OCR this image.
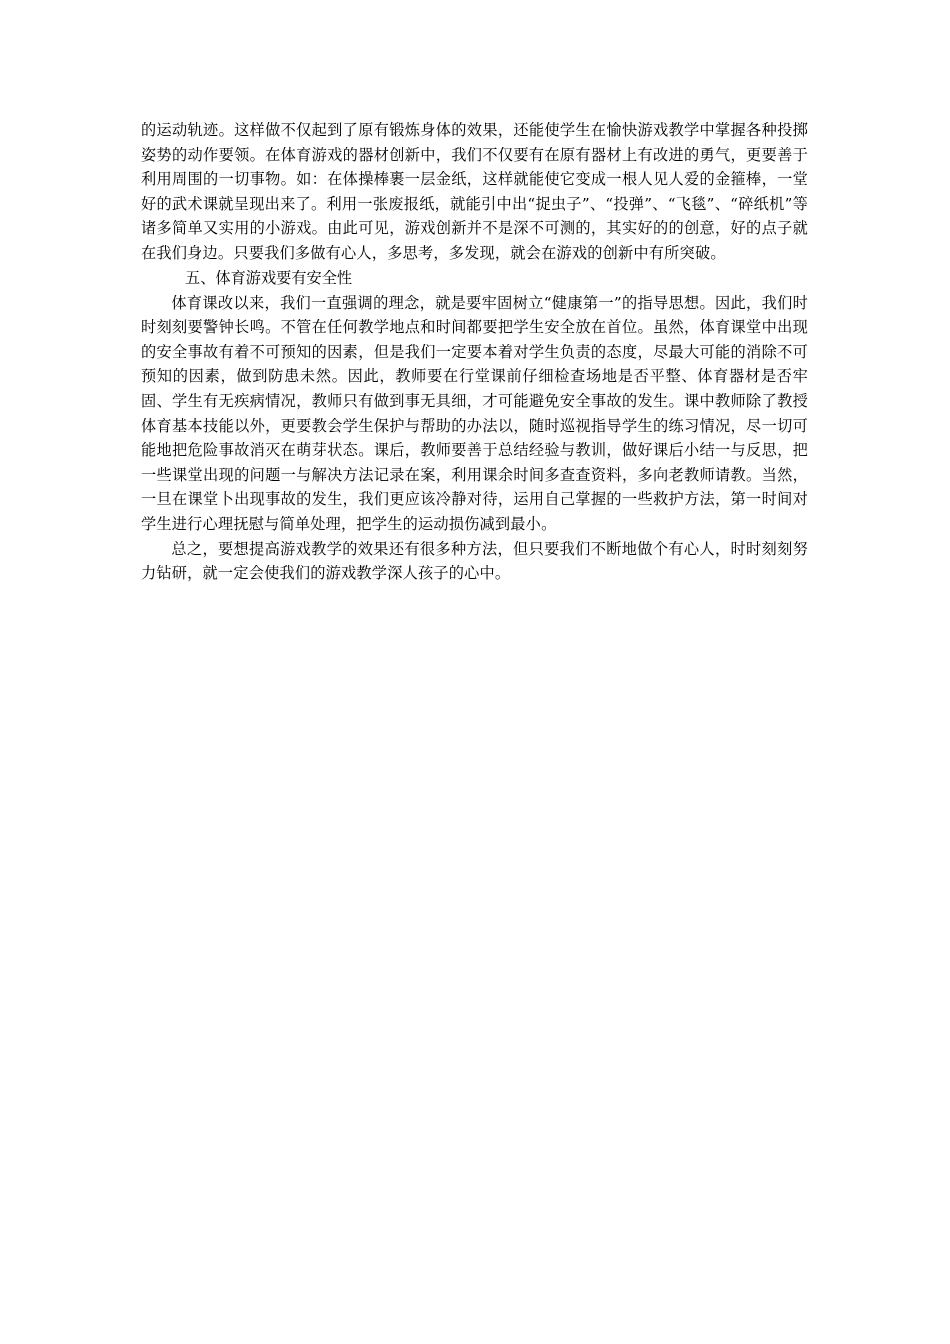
的运动轨迹。这样做不仅起到了原有锻炼身体的效果，还能使学生在愉快游戏教学中掌握各种投掷姿势的动作要领。在体育游戏的器材创新中，我们不仅要有在原有器材上有改进的勇气，更要善于利用周围的一切事物。如：在体操棒裹一层金纸，这样就能使它变成一根人见人爱的金箍棒，一堂好的武术课就呈现出来了。利用一张废报纸，就能引中出“捉虫子”、“投弹”、“飞毯”、“碎纸机”等诸多简单又实用的小游戏。由此可见，游戏创新并不是深不可测的，其实好的的创意，好的点子就在我们身边。只要我们多做有心人，多思考，多发现，就会在游戏的创新中有所突破。

五、体育游戏要有安全性

体育课改以来，我们一直强调的理念，就是要牢固树立“健康第一”的指导思想。因此，我们时时刻刻要警钟长鸣。不管在任何教学地点和时间都要把学生安全放在首位。虽然，体育课堂中出现的安全事故有着不可预知的因素，但是我们一定要本着对学生负责的态度，尽最大可能的消除不可预知的因素，做到防患未然。因此，教师要在行堂课前仔细检查场地是否平整、体育器材是否牢固、学生有无疾病情况，教师只有做到事无具细，才可能避免安全事故的发生。课中教师除了教授体育基本技能以外，更要教会学生保护与帮助的办法以，随时巡视指导学生的练习情况，尽一切可能地把危险事故消灭在萌芽状态。课后，教师要善于总结经验与教训，做好课后小结一与反思，把一些课堂出现的问题一与解决方法记录在案，利用课余时间多查查资料，多向老教师请教。当然，一旦在课堂卜出现事故的发生，我们更应该冷静对待，运用自己掌握的一些救护方法，第一时间对学生进行心理抚慰与简单处理，把学生的运动损伤减到最小。

总之，要想提高游戏教学的效果还有很多种方法，但只要我们不断地做个有心人，时时刻刻努力钻研，就一定会使我们的游戏教学深人孩子的心中。
